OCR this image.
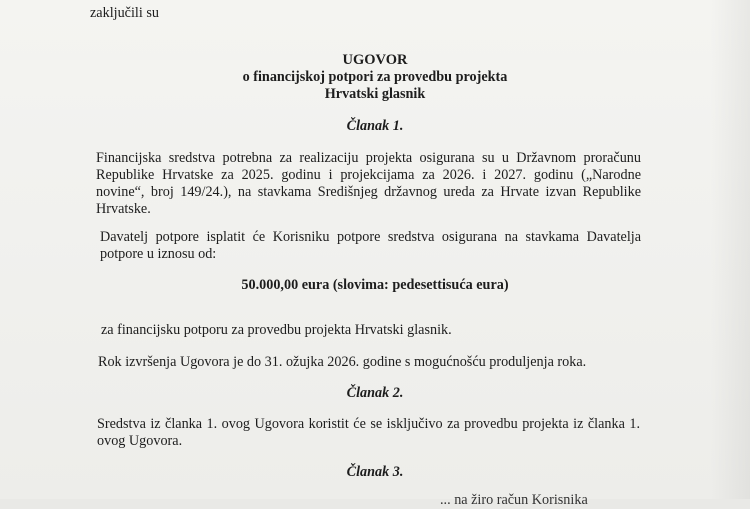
zaključili su
UGOVOR
o financijskoj potpori za provedbu projekta
Hrvatski glasnik
Članak 1.
Financijska sredstva potrebna za realizaciju projekta osigurana su u Državnom proračunu
Republike Hrvatske za 2025. godinu i projekcijama za 2026. i 2027. godinu („Narodne
novine“, broj 149/24.), na stavkama Središnjeg državnog ureda za Hrvate izvan Republike
Hrvatske.
Davatelj potpore isplatit će Korisniku potpore sredstva osigurana na stavkama Davatelja
potpore u iznosu od:
50.000,00 eura (slovima: pedesettisuća eura)
za financijsku potporu za provedbu projekta Hrvatski glasnik.
Rok izvršenja Ugovora je do 31. ožujka 2026. godine s mogućnošću produljenja roka.
Članak 2.
Sredstva iz članka 1. ovog Ugovora koristit će se isključivo za provedbu projekta iz članka 1.
ovog Ugovora.
Članak 3.
... na žiro račun Korisnika
